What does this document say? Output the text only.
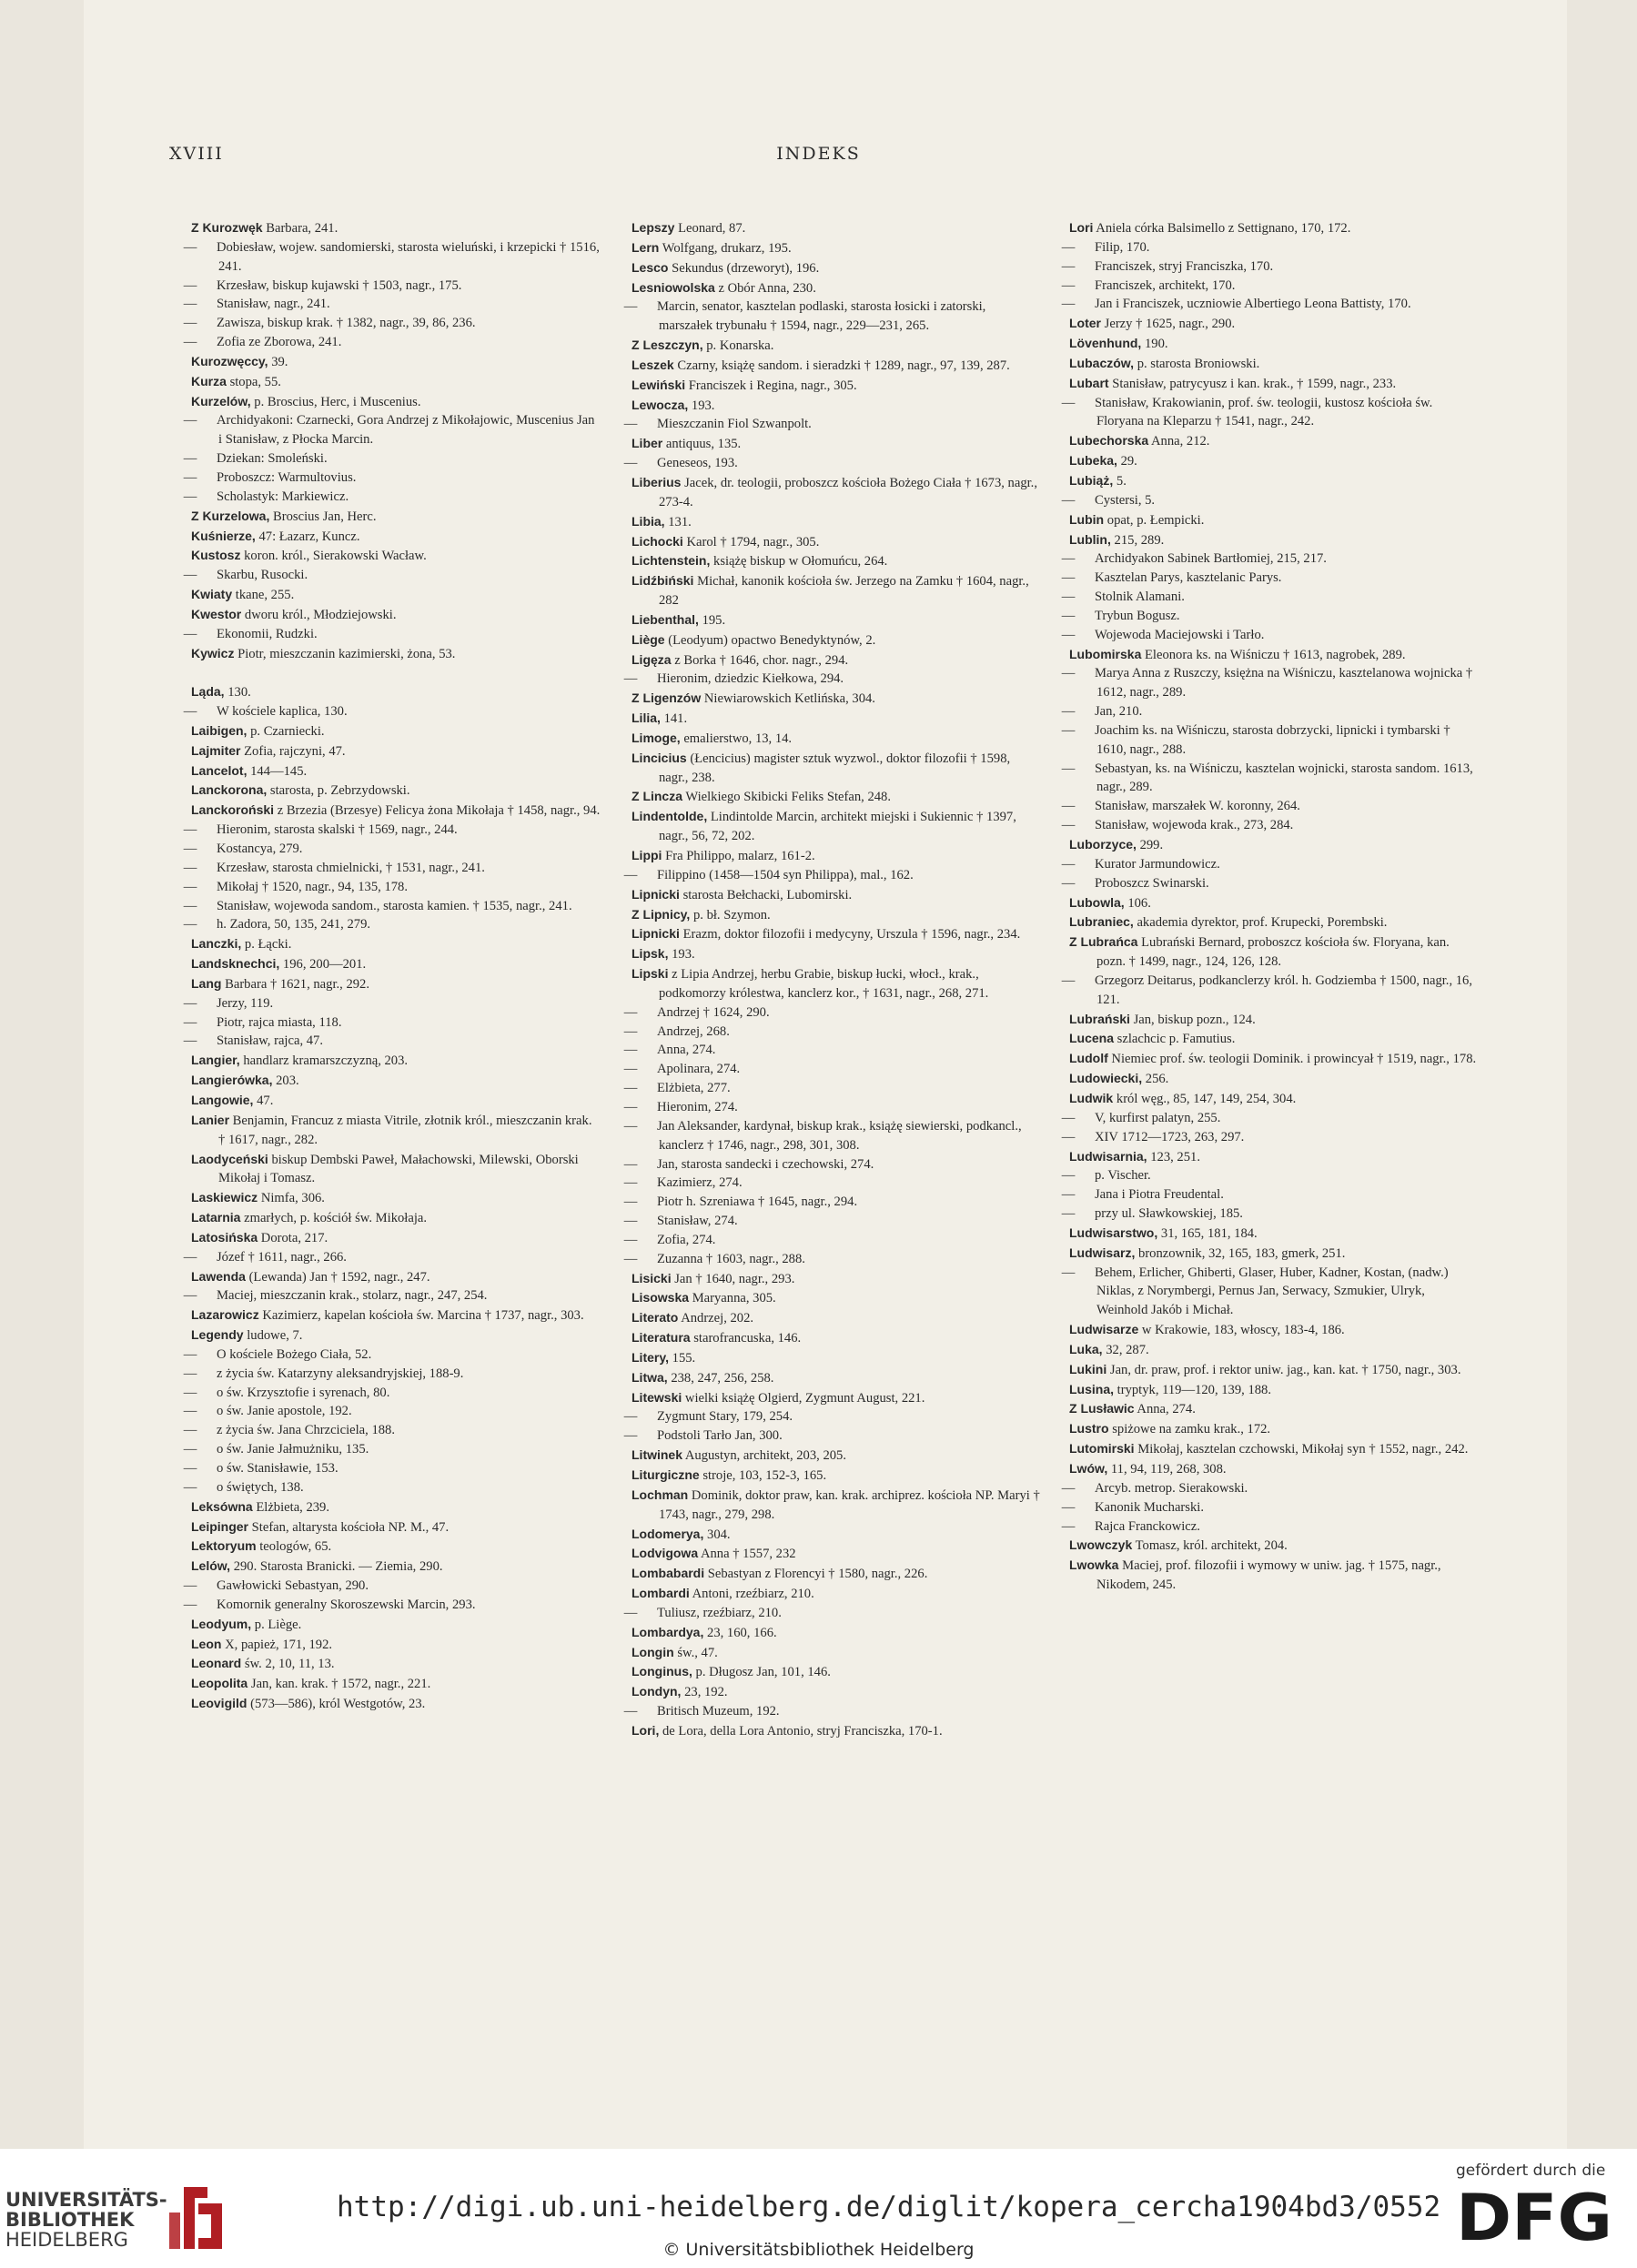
XVIII	INDEKS
Z Kurozwęk Barbara, 241.
— Dobiesław, wojew. sandomierski, starosta wieluński, i krzepicki † 1516, 241.
— Krzesław, biskup kujawski † 1503, nagr., 175.
— Stanisław, nagr., 241.
— Zawisza, biskup krak. † 1382, nagr., 39, 86, 236.
— Zofia ze Zborowa, 241.
Kurozwęccy, 39.
Kurza stopa, 55.
Kurzelów, p. Broscius, Herc, i Muscenius.
— Archidyakoni: Czarnecki, Gora Andrzej z Mikołajowic, Muscenius Jan i Stanisław, z Płocka Marcin.
— Dziekan: Smoleński.
— Proboszcz: Warmultovius.
— Scholastyk: Markiewicz.
Z Kurzelowa, Broscius Jan, Herc.
Kuśnierze, 47: Łazarz, Kuncz.
Kustosz koron. król., Sierakowski Wacław.
— Skarbu, Rusocki.
Kwiaty tkane, 255.
Kwestor dworu król., Młodziejowski.
— Ekonomii, Rudzki.
Kywicz Piotr, mieszczanin kazimierski, żona, 53.
Ląda, 130.
— W kościele kaplica, 130.
Laibigen, p. Czarniecki.
Lajmiter Zofia, rajczyni, 47.
Lancelot, 144—145.
Lanckorona, starosta, p. Zebrzydowski.
Lanckoroński z Brzezia (Brzesye) Felicya żona Mikołaja † 1458, nagr., 94.
— Hieronim, starosta skalski † 1569, nagr., 244.
— Kostancya, 279.
— Krzesław, starosta chmielnicki, † 1531, nagr., 241.
— Mikołaj † 1520, nagr., 94, 135, 178.
— Stanisław, wojewoda sandom., starosta kamien. † 1535, nagr., 241.
— h. Zadora, 50, 135, 241, 279.
Lanczki, p. Łącki.
Landsknechci, 196, 200—201.
Lang Barbara † 1621, nagr., 292.
— Jerzy, 119.
— Piotr, rajca miasta, 118.
— Stanisław, rajca, 47.
Langier, handlarz kramarszczyzną, 203.
Langierówka, 203.
Langowie, 47.
Lanier Benjamin, Francuz z miasta Vitrile, złotnik król., mieszczanin krak. † 1617, nagr., 282.
Laodyceński biskup Dembski Paweł, Małachowski, Milewski, Oborski Mikołaj i Tomasz.
Laskiewicz Nimfa, 306.
Latarnia zmarłych, p. kościół św. Mikołaja.
Latosińska Dorota, 217.
— Józef † 1611, nagr., 266.
Lawenda (Lewanda) Jan † 1592, nagr., 247.
— Maciej, mieszczanin krak., stolarz, nagr., 247, 254.
Lazarowicz Kazimierz, kapelan kościoła św. Marcina † 1737, nagr., 303.
Legendy ludowe, 7.
— O kościele Bożego Ciała, 52.
— z życia św. Katarzyny aleksandryjskiej, 188-9.
— o św. Krzysztofie i syrenach, 80.
— o św. Janie apostole, 192.
— z życia św. Jana Chrzciciela, 188.
— o św. Janie Jałmużniku, 135.
— o św. Stanisławie, 153.
— o świętych, 138.
Leksówna Elżbieta, 239.
Leipinger Stefan, altarysta kościoła NP. M., 47.
Lektoryum teologów, 65.
Lelów, 290. Starosta Branicki. — Ziemia, 290.
— Gawłowicki Sebastyan, 290.
— Komornik generalny Skoroszewski Marcin, 293.
Leodyum, p. Liège.
Leon X, papież, 171, 192.
Leonard św. 2, 10, 11, 13.
Leopolita Jan, kan. krak. † 1572, nagr., 221.
Leovigild (573—586), król Westgotów, 23.
Lepszy Leonard, 87.
Lern Wolfgang, drukarz, 195.
Lesco Sekundus (drzeworyt), 196.
Lesniowolska z Obór Anna, 230.
— Marcin, senator, kasztelan podlaski, starosta łosicki i zatorski, marszałek trybunału † 1594, nagr., 229—231, 265.
Z Leszczyn, p. Konarska.
Leszek Czarny, książę sandom. i sieradzki † 1289, nagr., 97, 139, 287.
Lewiński Franciszek i Regina, nagr., 305.
Lewocza, 193.
— Mieszczanin Fiol Szwanpolt.
Liber antiquus, 135.
— Geneseos, 193.
Liberius Jacek, dr. teologii, proboszcz kościoła Bożego Ciała † 1673, nagr., 273-4.
Libia, 131.
Lichocki Karol † 1794, nagr., 305.
Lichtenstein, książę biskup w Ołomuńcu, 264.
Lidźbiński Michał, kanonik kościoła św. Jerzego na Zamku † 1604, nagr., 282
Liebenthal, 195.
Liège (Leodyum) opactwo Benedyktynów, 2.
Ligęza z Borka † 1646, chor. nagr., 294.
— Hieronim, dziedzic Kiełkowa, 294.
Z Ligenzów Niewiarowskich Ketlińska, 304.
Lilia, 141.
Limoge, emalierstwo, 13, 14.
Lincicius (Łencicius) magister sztuk wyzwol., doktor filozofii † 1598, nagr., 238.
Z Lincza Wielkiego Skibicki Feliks Stefan, 248.
Lindentolde, Lindintolde Marcin, architekt miejski i Sukiennic † 1397, nagr., 56, 72, 202.
Lippi Fra Philippo, malarz, 161-2.
— Filippino (1458—1504 syn Philippa), mal., 162.
Lipnicki starosta Bełchacki, Lubomirski.
Z Lipnicy, p. bł. Szymon.
Lipnicki Erazm, doktor filozofii i medycyny, Urszula † 1596, nagr., 234.
Lipsk, 193.
Lipski z Lipia Andrzej, herbu Grabie, biskup łucki, włocł., krak., podkomorzy królestwa, kanclerz kor., † 1631, nagr., 268, 271.
— Andrzej † 1624, 290.
— Andrzej, 268.
— Anna, 274.
— Apolinara, 274.
— Elżbieta, 277.
— Hieronim, 274.
— Jan Aleksander, kardynał, biskup krak., książę siewierski, podkancl., kanclerz † 1746, nagr., 298, 301, 308.
— Jan, starosta sandecki i czechowski, 274.
— Kazimierz, 274.
— Piotr h. Szreniawa † 1645, nagr., 294.
— Stanisław, 274.
— Zofia, 274.
— Zuzanna † 1603, nagr., 288.
Lisicki Jan † 1640, nagr., 293.
Lisowska Maryanna, 305.
Literato Andrzej, 202.
Literatura starofrancuska, 146.
Litery, 155.
Litwa, 238, 247, 256, 258.
Litewski wielki książę Olgierd, Zygmunt August, 221.
— Zygmunt Stary, 179, 254.
— Podstoli Tarło Jan, 300.
Litwinek Augustyn, architekt, 203, 205.
Liturgiczne stroje, 103, 152-3, 165.
Lochman Dominik, doktor praw, kan. krak. archiprez. kościoła NP. Maryi † 1743, nagr., 279, 298.
Lodomerya, 304.
Lodvigowa Anna † 1557, 232
Lombabardi Sebastyan z Florencyi † 1580, nagr., 226.
Lombardi Antoni, rzeźbiarz, 210.
— Tuliusz, rzeźbiarz, 210.
Lombardya, 23, 160, 166.
Longin św., 47.
Longinus, p. Długosz Jan, 101, 146.
Londyn, 23, 192.
— Britisch Muzeum, 192.
Lori, de Lora, della Lora Antonio, stryj Franciszka, 170-1.
Lori Aniela córka Balsimello z Settignano, 170, 172.
— Filip, 170.
— Franciszek, stryj Franciszka, 170.
— Franciszek, architekt, 170.
— Jan i Franciszek, uczniowie Albertiego Leona Battisty, 170.
Loter Jerzy † 1625, nagr., 290.
Lövenhund, 190.
Lubaczów, p. starosta Broniowski.
Lubart Stanisław, patrycyusz i kan. krak., † 1599, nagr., 233.
— Stanisław, Krakowianin, prof. św. teologii, kustosz kościoła św. Floryana na Kleparzu † 1541, nagr., 242.
Lubechorska Anna, 212.
Lubeka, 29.
Lubiąż, 5.
— Cystersi, 5.
Lubin opat, p. Łempicki.
Lublin, 215, 289.
— Archidyakon Sabinek Bartłomiej, 215, 217.
— Kasztelan Parys, kasztelanic Parys.
— Stolnik Alamani.
— Trybun Bogusz.
— Wojewoda Maciejowski i Tarło.
Lubomirska Eleonora ks. na Wiśniczu † 1613, nagrobek, 289.
— Marya Anna z Ruszczy, księżna na Wiśniczu, kasztelanowa wojnicka † 1612, nagr., 289.
— Jan, 210.
— Joachim ks. na Wiśniczu, starosta dobrzycki, lipnicki i tymbarski † 1610, nagr., 288.
— Sebastyan, ks. na Wiśniczu, kasztelan wojnicki, starosta sandom. 1613, nagr., 289.
— Stanisław, marszałek W. koronny, 264.
— Stanisław, wojewoda krak., 273, 284.
Luborzyce, 299.
— Kurator Jarmundowicz.
— Proboszcz Swinarski.
Lubowla, 106.
Lubraniec, akademia dyrektor, prof. Krupecki, Porembski.
Z Lubrańca Lubrański Bernard, proboszcz kościoła św. Floryana, kan. pozn. † 1499, nagr., 124, 126, 128.
— Grzegorz Deitarus, podkanclerzy król. h. Godziemba † 1500, nagr., 16, 121.
Lubrański Jan, biskup pozn., 124.
Lucena szlachcic p. Famutius.
Ludolf Niemiec prof. św. teologii Dominik. i prowincyał † 1519, nagr., 178.
Ludowiecki, 256.
Ludwik król węg., 85, 147, 149, 254, 304.
— V, kurfirst palatyn, 255.
— XIV 1712—1723, 263, 297.
Ludwisarnia, 123, 251.
— p. Vischer.
— Jana i Piotra Freudental.
— przy ul. Sławkowskiej, 185.
Ludwisarstwo, 31, 165, 181, 184.
Ludwisarz, bronzownik, 32, 165, 183, gmerk, 251.
— Behem, Erlicher, Ghiberti, Glaser, Huber, Kadner, Kostan, (nadw.) Niklas, z Norymbergi, Pernus Jan, Serwacy, Szmukier, Ulryk, Weinhold Jakób i Michał.
Ludwisarze w Krakowie, 183, włoscy, 183-4, 186.
Luka, 32, 287.
Lukini Jan, dr. praw, prof. i rektor uniw. jag., kan. kat. † 1750, nagr., 303.
Lusina, tryptyk, 119—120, 139, 188.
Z Lusławic Anna, 274.
Lustro spiżowe na zamku krak., 172.
Lutomirski Mikołaj, kasztelan czchowski, Mikołaj syn † 1552, nagr., 242.
Lwów, 11, 94, 119, 268, 308.
— Arcyb. metrop. Sierakowski.
— Kanonik Mucharski.
— Rajca Franckowicz.
Lwowczyk Tomasz, król. architekt, 204.
Lwowka Maciej, prof. filozofii i wymowy w uniw. jag. † 1575, nagr., Nikodem, 245.
UNIVERSITÄTS-
BIBLIOTHEK
HEIDELBERG
http://digi.ub.uni-heidelberg.de/diglit/kopera_cercha1904bd3/0552
© Universitätsbibliothek Heidelberg
gefördert durch die
DFG
